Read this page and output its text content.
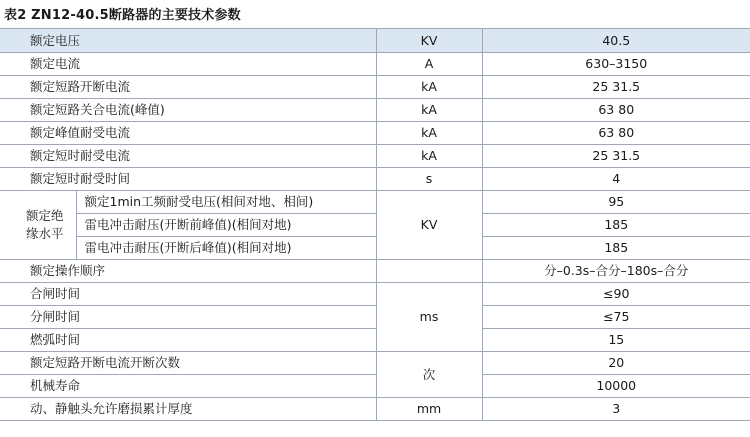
表2 ZN12-40.5断路器的主要技术参数
额定电压		KV	40.5
额定电流		A	630–3150
额定短路开断电流		kA	25 31.5
额定短路关合电流(峰值)		kA	63 80
额定峰值耐受电流		kA	63 80
额定短时耐受电流		kA	25 31.5
额定短时耐受时间		s	4
额定绝缘水平	额定1min工频耐受电压(相间对地、相间)	KV	95
	雷电冲击耐压(开断前峰值)(相间对地)		185
	雷电冲击耐压(开断后峰值)(相间对地)		185
额定操作顺序			分–0.3s–合分–180s–合分
合闸时间		ms	≤90
分闸时间			≤75
燃弧时间			15
额定短路开断电流开断次数		次	20
机械寿命			10000
动、静触头允许磨损累计厚度		mm	3
